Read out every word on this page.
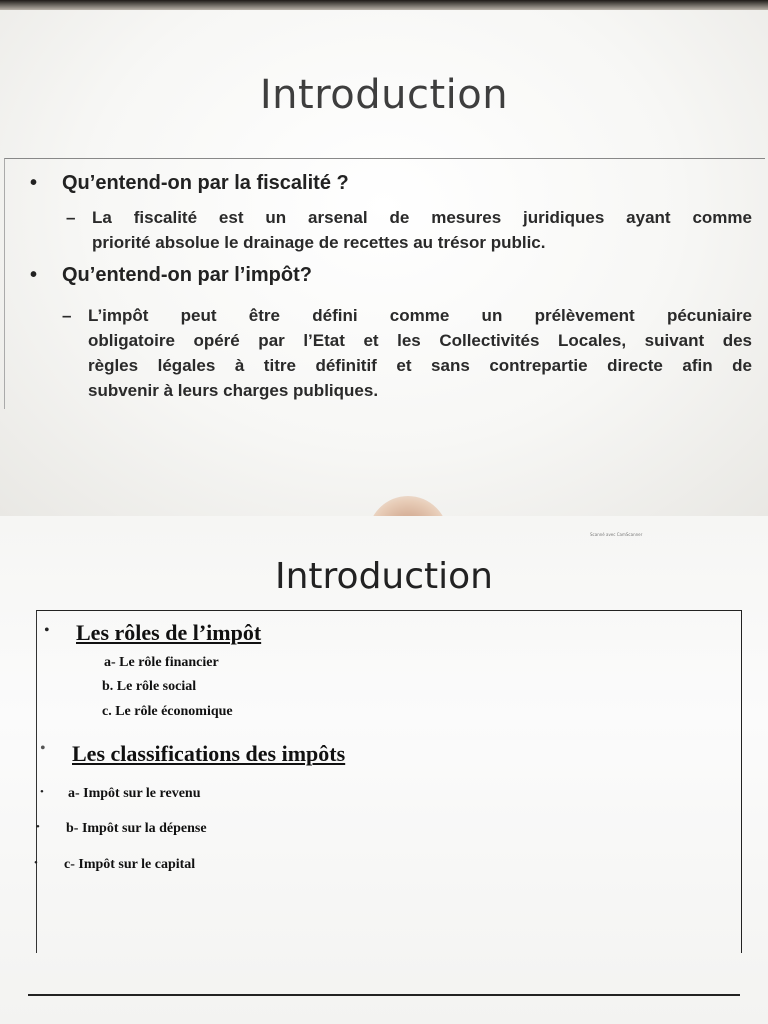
Introduction
• Qu’entend-on par la fiscalité ?
– La fiscalité est un arsenal de mesures juridiques ayant comme
priorité absolue le drainage de recettes au trésor public.
• Qu’entend-on par l’impôt?
– L’impôt peut être défini comme un prélèvement pécuniaire
obligatoire opéré par l’Etat et les Collectivités Locales, suivant des
règles légales à titre définitif et sans contrepartie directe afin de
subvenir à leurs charges publiques.
Scanné avec CamScanner
Introduction
• Les rôles de l’impôt
a- Le rôle financier
b. Le rôle social
c. Le rôle économique
• Les classifications des impôts
• a- Impôt sur le revenu
• b- Impôt sur la dépense
• c- Impôt sur le capital
